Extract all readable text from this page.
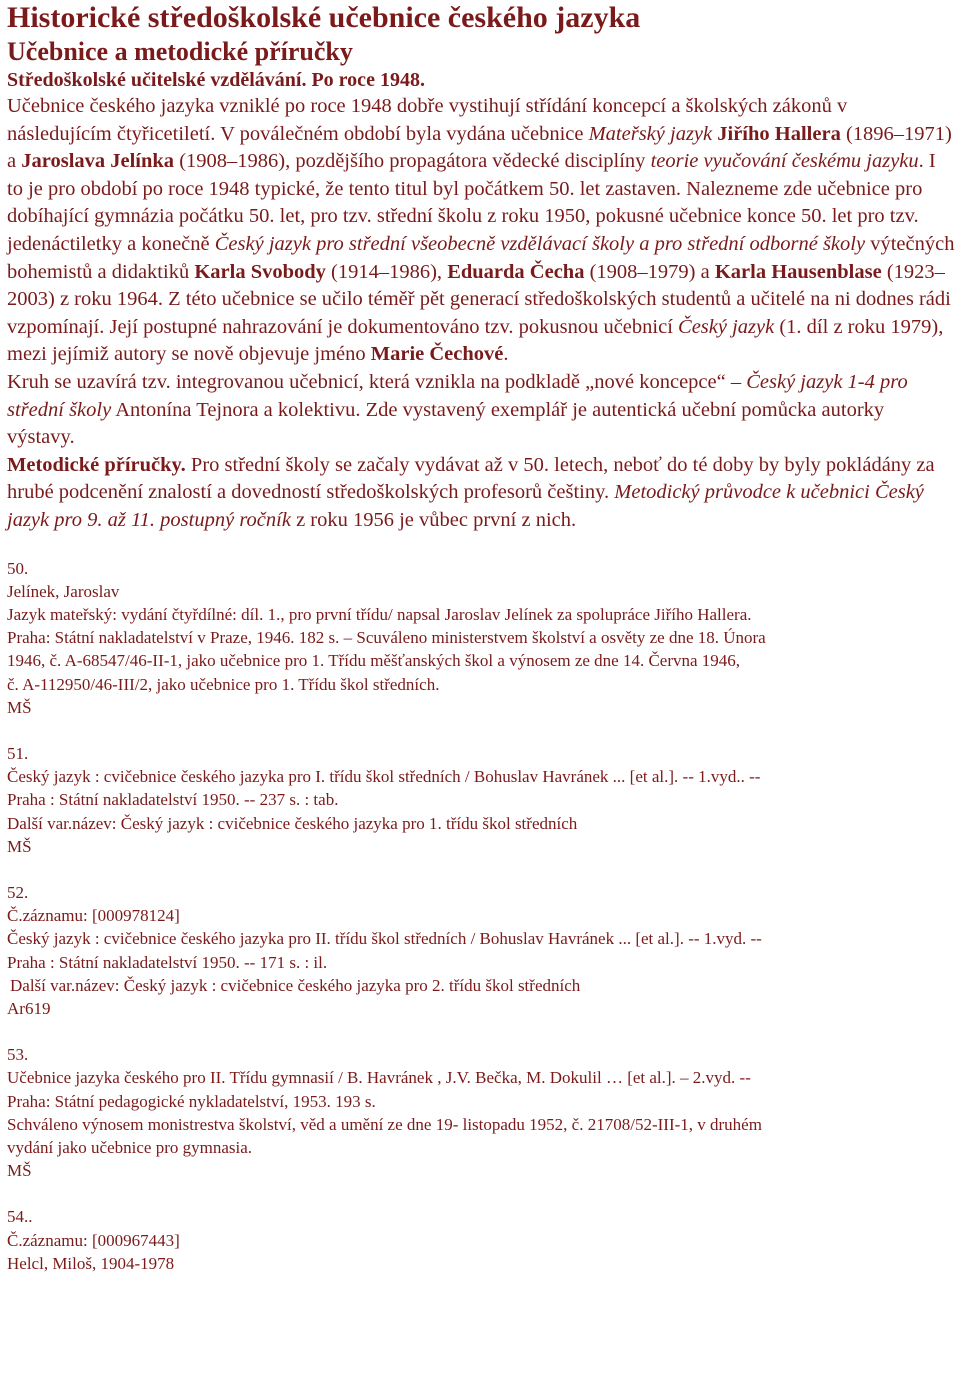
Historické středoškolské učebnice českého jazyka
Učebnice a metodické příručky
Středoškolské učitelské vzdělávání. Po roce 1948.

Učebnice českého jazyka vzniklé po roce 1948 dobře vystihují střídání koncepcí a školských zákonů v následujícím čtyřicetiletí. V poválečném období byla vydána učebnice Mateřský jazyk Jiřího Hallera (1896–1971) a Jaroslava Jelínka (1908–1986), pozdějšího propagátora vědecké disciplíny teorie vyučování českému jazyku. I to je pro období po roce 1948 typické, že tento titul byl počátkem 50. let zastaven. Nalezneme zde učebnice pro dobíhající gymnázia počátku 50. let, pro tzv. střední školu z roku 1950, pokusné učebnice konce 50. let pro tzv. jedenáctiletky a konečně Český jazyk pro střední všeobecně vzdělávací školy a pro střední odborné školy výtečných bohemistů a didaktiků Karla Svobody (1914–1986), Eduarda Čecha (1908–1979) a Karla Hausenblase (1923–2003) z roku 1964. Z této učebnice se učilo téměř pět generací středoškolských studentů a učitelé na ni dodnes rádi vzpomínají. Její postupné nahrazování je dokumentováno tzv. pokusnou učebnicí Český jazyk (1. díl z roku 1979), mezi jejímiž autory se nově objevuje jméno Marie Čechové.

Kruh se uzavírá tzv. integrovanou učebnicí, která vznikla na podkladě „nové koncepce“ – Český jazyk 1-4 pro střední školy Antonína Tejnora a kolektivu. Zde vystavený exemplář je autentická učební pomůcka autorky výstavy.

Metodické příručky. Pro střední školy se začaly vydávat až v 50. letech, neboť do té doby by byly pokládány za hrubé podcenění znalostí a dovedností středoškolských profesorů češtiny. Metodický průvodce k učebnici Český jazyk pro 9. až 11. postupný ročník z roku 1956 je vůbec první z nich.

50.
Jelínek, Jaroslav
Jazyk mateřský: vydání čtyřdílné: díl. 1., pro první třídu/ napsal Jaroslav Jelínek za spolupráce Jiřího Hallera.
Praha: Státní nakladatelství v Praze, 1946. 182 s. – Scuváleno ministerstvem školství a osvěty ze dne 18. Února
1946, č. A-68547/46-II-1, jako učebnice pro 1. Třídu měšťanských škol a výnosem ze dne 14. Června 1946,
č. A-112950/46-III/2, jako učebnice pro 1. Třídu škol středních.
MŠ
51.
Český jazyk : cvičebnice českého jazyka pro I. třídu škol středních / Bohuslav Havránek ... [et al.]. -- 1.vyd.. --
Praha : Státní nakladatelství 1950. -- 237 s. : tab.
Další var.název: Český jazyk : cvičebnice českého jazyka pro 1. třídu škol středních
MŠ
52.
Č.záznamu: [000978124]
Český jazyk : cvičebnice českého jazyka pro II. třídu škol středních / Bohuslav Havránek ... [et al.]. -- 1.vyd. --
Praha : Státní nakladatelství 1950. -- 171 s. : il.
Další var.název: Český jazyk : cvičebnice českého jazyka pro 2. třídu škol středních
Ar619
53.
Učebnice jazyka českého pro II. Třídu gymnasií / B. Havránek , J.V. Bečka, M. Dokulil … [et al.]. – 2.vyd. --
Praha: Státní pedagogické nykladatelství, 1953. 193 s.
Schváleno výnosem monistrestva školství, věd a umění ze dne 19- listopadu 1952, č. 21708/52-III-1, v druhém
vydání jako učebnice pro gymnasia.
MŠ
54..
Č.záznamu: [000967443]
Helcl, Miloš, 1904-1978
